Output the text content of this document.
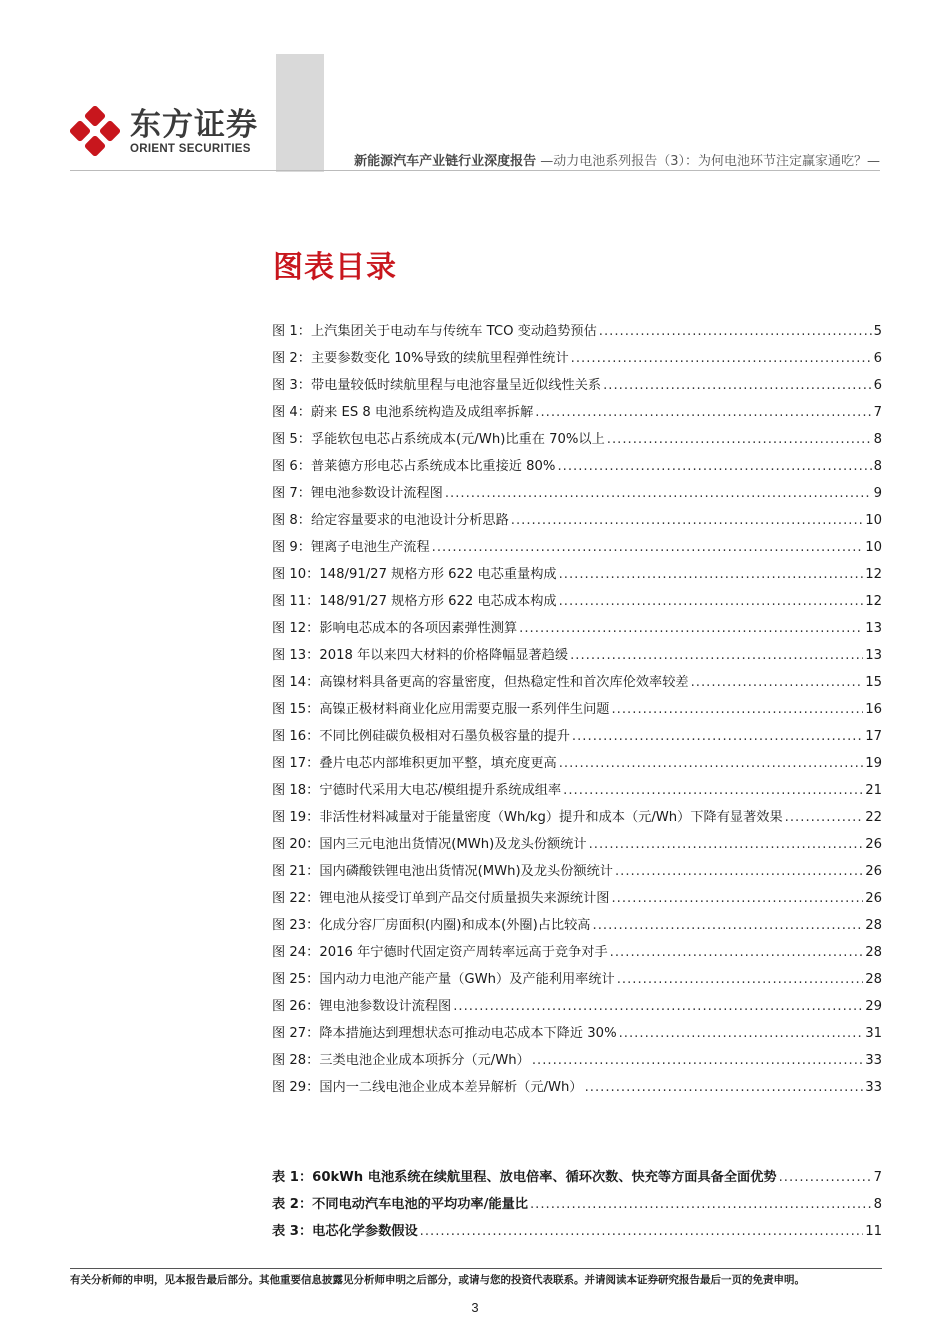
东方证券
ORIENT SECURITIES
新能源汽车产业链行业深度报告 —动力电池系列报告（3）：为何电池环节注定赢家通吃？—
图表目录
图 1：上汽集团关于电动车与传统车 TCO 变动趋势预估 .....	5
图 2：主要参数变化 10%导致的续航里程弹性统计 .....	6
图 3：带电量较低时续航里程与电池容量呈近似线性关系 .....	6
图 4：蔚来 ES 8 电池系统构造及成组率拆解 .....	7
图 5：孚能软包电芯占系统成本(元/Wh)比重在 70%以上 .....	8
图 6：普莱德方形电芯占系统成本比重接近 80% .....	8
图 7：锂电池参数设计流程图 .....	9
图 8：给定容量要求的电池设计分析思路 .....	10
图 9：锂离子电池生产流程 .....	10
图 10：148/91/27 规格方形 622 电芯重量构成 .....	12
图 11：148/91/27 规格方形 622 电芯成本构成 .....	12
图 12：影响电芯成本的各项因素弹性测算 .....	13
图 13：2018 年以来四大材料的价格降幅显著趋缓 .....	13
图 14：高镍材料具备更高的容量密度，但热稳定性和首次库伦效率较差 .....	15
图 15：高镍正极材料商业化应用需要克服一系列伴生问题 .....	16
图 16：不同比例硅碳负极相对石墨负极容量的提升 .....	17
图 17：叠片电芯内部堆积更加平整，填充度更高 .....	19
图 18：宁德时代采用大电芯/模组提升系统成组率 .....	21
图 19：非活性材料减量对于能量密度（Wh/kg）提升和成本（元/Wh）下降有显著效果 .....	22
图 20：国内三元电池出货情况(MWh)及龙头份额统计 .....	26
图 21：国内磷酸铁锂电池出货情况(MWh)及龙头份额统计 .....	26
图 22：锂电池从接受订单到产品交付质量损失来源统计图 .....	26
图 23：化成分容厂房面积(内圈)和成本(外圈)占比较高 .....	28
图 24：2016 年宁德时代固定资产周转率远高于竞争对手 .....	28
图 25：国内动力电池产能产量（GWh）及产能利用率统计 .....	28
图 26：锂电池参数设计流程图 .....	29
图 27：降本措施达到理想状态可推动电芯成本下降近 30% .....	31
图 28：三类电池企业成本项拆分（元/Wh） .....	33
图 29：国内一二线电池企业成本差异解析（元/Wh） .....	33
表 1：60kWh 电池系统在续航里程、放电倍率、循环次数、快充等方面具备全面优势 .....	7
表 2：不同电动汽车电池的平均功率/能量比 .....	8
表 3：电芯化学参数假设 .....	11
有关分析师的申明，见本报告最后部分。其他重要信息披露见分析师申明之后部分，或请与您的投资代表联系。并请阅读本证券研究报告最后一页的免责申明。
3
